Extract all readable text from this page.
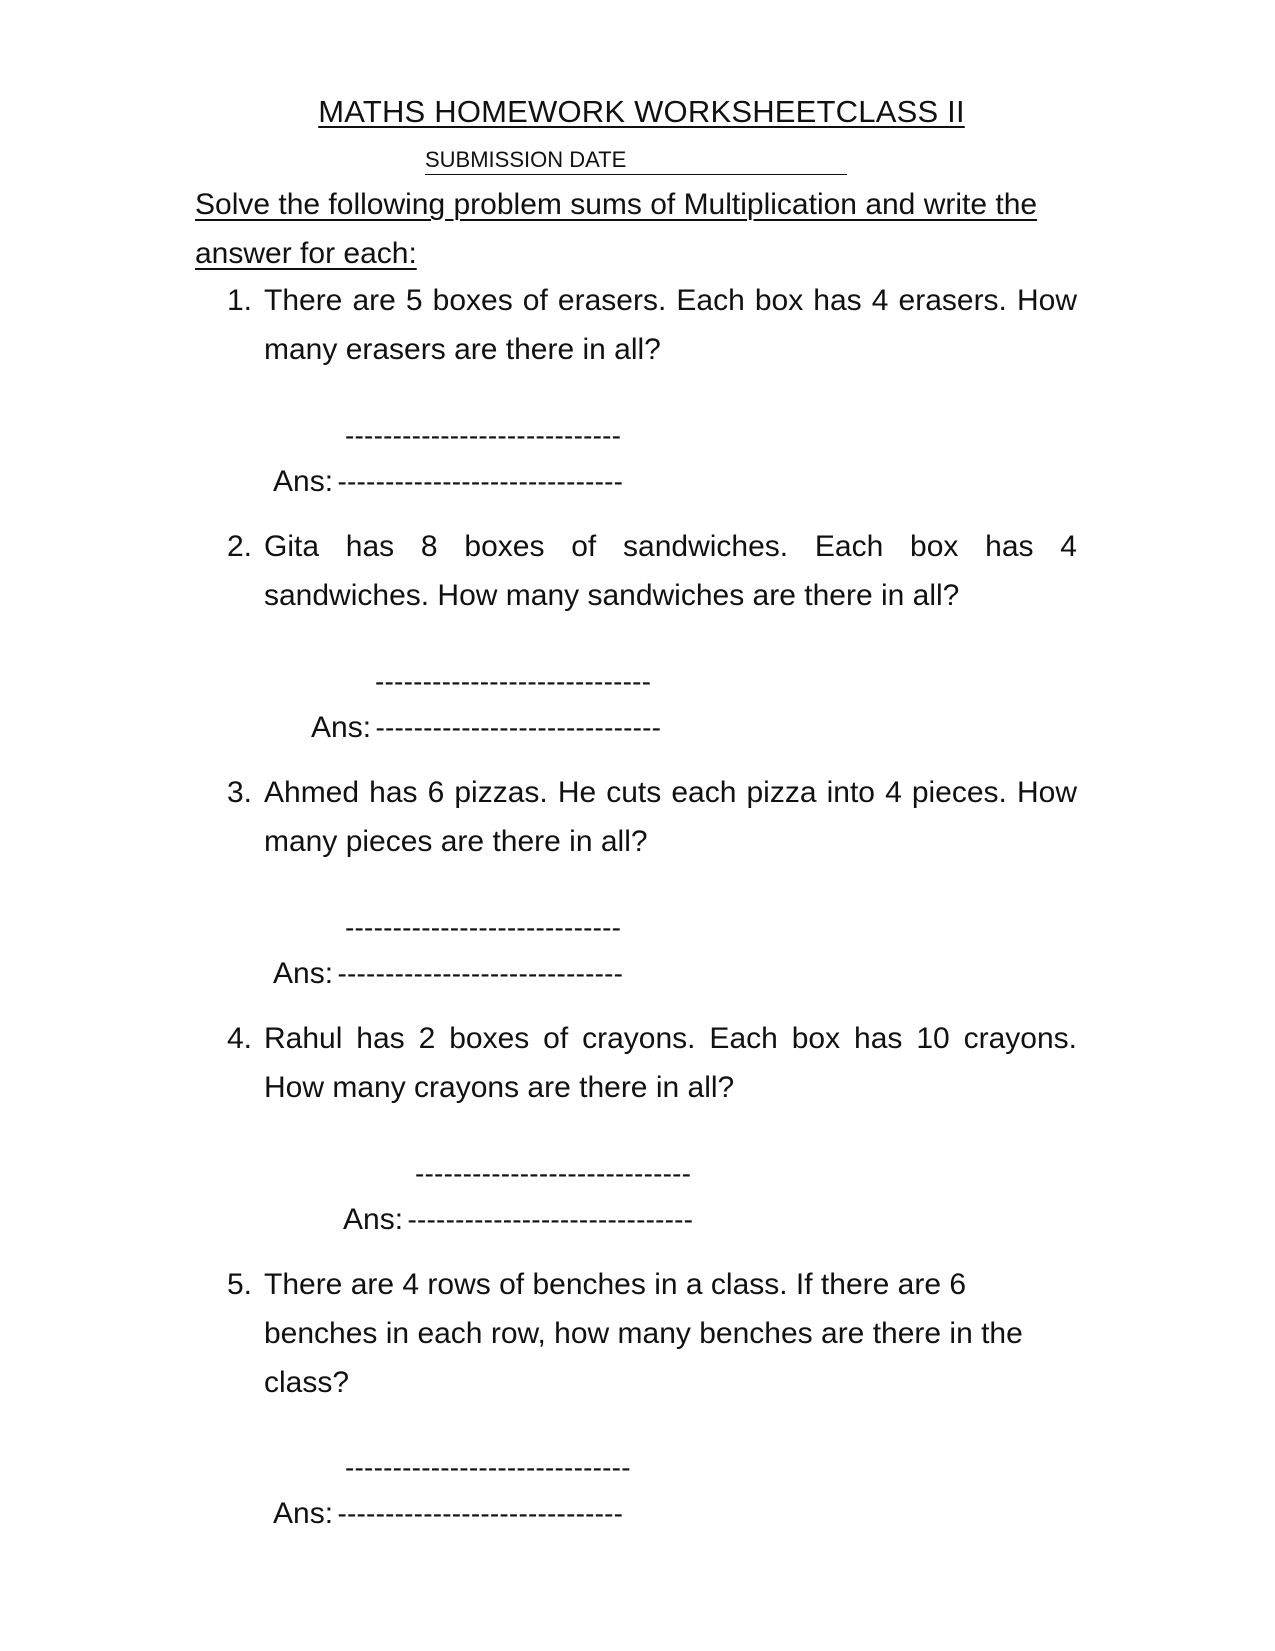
MATHS HOMEWORK WORKSHEETCLASS II
SUBMISSION DATE
Solve the following problem sums of Multiplication and write the answer for each:
1. There are 5 boxes of erasers. Each box has 4 erasers. How many erasers are there in all?
-----------------------------
Ans: ------------------------------
2. Gita has 8 boxes of sandwiches. Each box has 4 sandwiches. How many sandwiches are there in all?
-----------------------------
Ans: ------------------------------
3. Ahmed has 6 pizzas. He cuts each pizza into 4 pieces. How many pieces are there in all?
-----------------------------
Ans: ------------------------------
4. Rahul has 2 boxes of crayons. Each box has 10 crayons. How many crayons are there in all?
-----------------------------
Ans: ------------------------------
5. There are 4 rows of benches in a class. If there are 6 benches in each row, how many benches are there in the class?
------------------------------
Ans: ------------------------------
